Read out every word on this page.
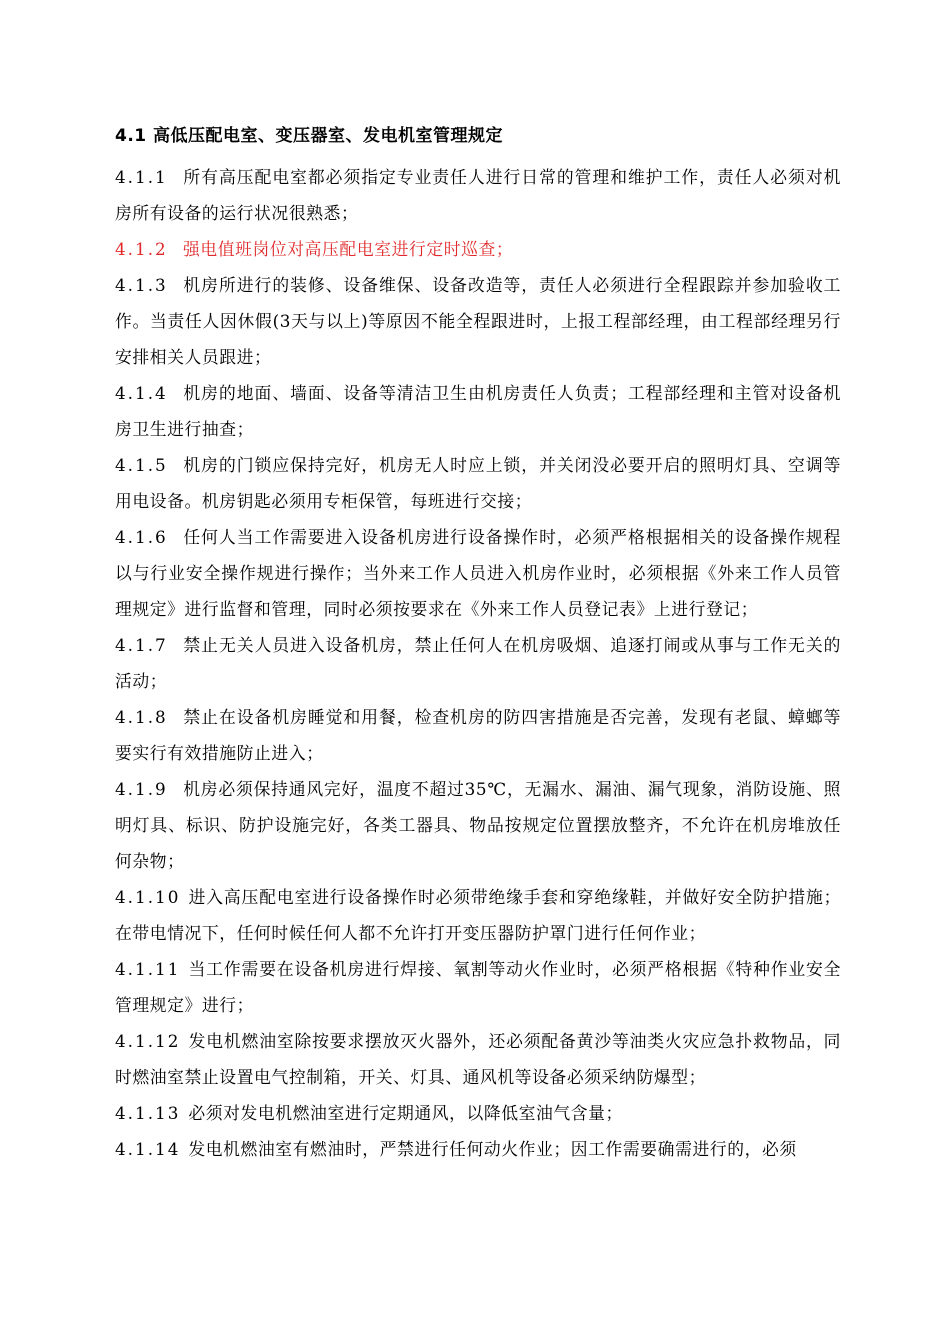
4.1 高低压配电室、变压器室、发电机室管理规定
4.1.1 所有高压配电室都必须指定专业责任人进行日常的管理和维护工作，责任人必须对机房所有设备的运行状况很熟悉；
4.1.2 强电值班岗位对高压配电室进行定时巡查；
4.1.3 机房所进行的装修、设备维保、设备改造等，责任人必须进行全程跟踪并参加验收工作。当责任人因休假(3天与以上)等原因不能全程跟进时，上报工程部经理，由工程部经理另行安排相关人员跟进；
4.1.4 机房的地面、墙面、设备等清洁卫生由机房责任人负责；工程部经理和主管对设备机房卫生进行抽查；
4.1.5 机房的门锁应保持完好，机房无人时应上锁，并关闭没必要开启的照明灯具、空调等用电设备。机房钥匙必须用专柜保管，每班进行交接；
4.1.6 任何人当工作需要进入设备机房进行设备操作时，必须严格根据相关的设备操作规程以与行业安全操作规进行操作；当外来工作人员进入机房作业时，必须根据《外来工作人员管理规定》进行监督和管理，同时必须按要求在《外来工作人员登记表》上进行登记；
4.1.7 禁止无关人员进入设备机房，禁止任何人在机房吸烟、追逐打闹或从事与工作无关的活动；
4.1.8 禁止在设备机房睡觉和用餐，检查机房的防四害措施是否完善，发现有老鼠、蟑螂等要实行有效措施防止进入；
4.1.9 机房必须保持通风完好，温度不超过35℃，无漏水、漏油、漏气现象，消防设施、照明灯具、标识、防护设施完好，各类工器具、物品按规定位置摆放整齐，不允许在机房堆放任何杂物；
4.1.10 进入高压配电室进行设备操作时必须带绝缘手套和穿绝缘鞋，并做好安全防护措施；在带电情况下，任何时候任何人都不允许打开变压器防护罩门进行任何作业；
4.1.11 当工作需要在设备机房进行焊接、氧割等动火作业时，必须严格根据《特种作业安全管理规定》进行；
4.1.12 发电机燃油室除按要求摆放灭火器外，还必须配备黄沙等油类火灾应急扑救物品，同时燃油室禁止设置电气控制箱，开关、灯具、通风机等设备必须采纳防爆型；
4.1.13 必须对发电机燃油室进行定期通风，以降低室油气含量；
4.1.14 发电机燃油室有燃油时，严禁进行任何动火作业；因工作需要确需进行的，必须
